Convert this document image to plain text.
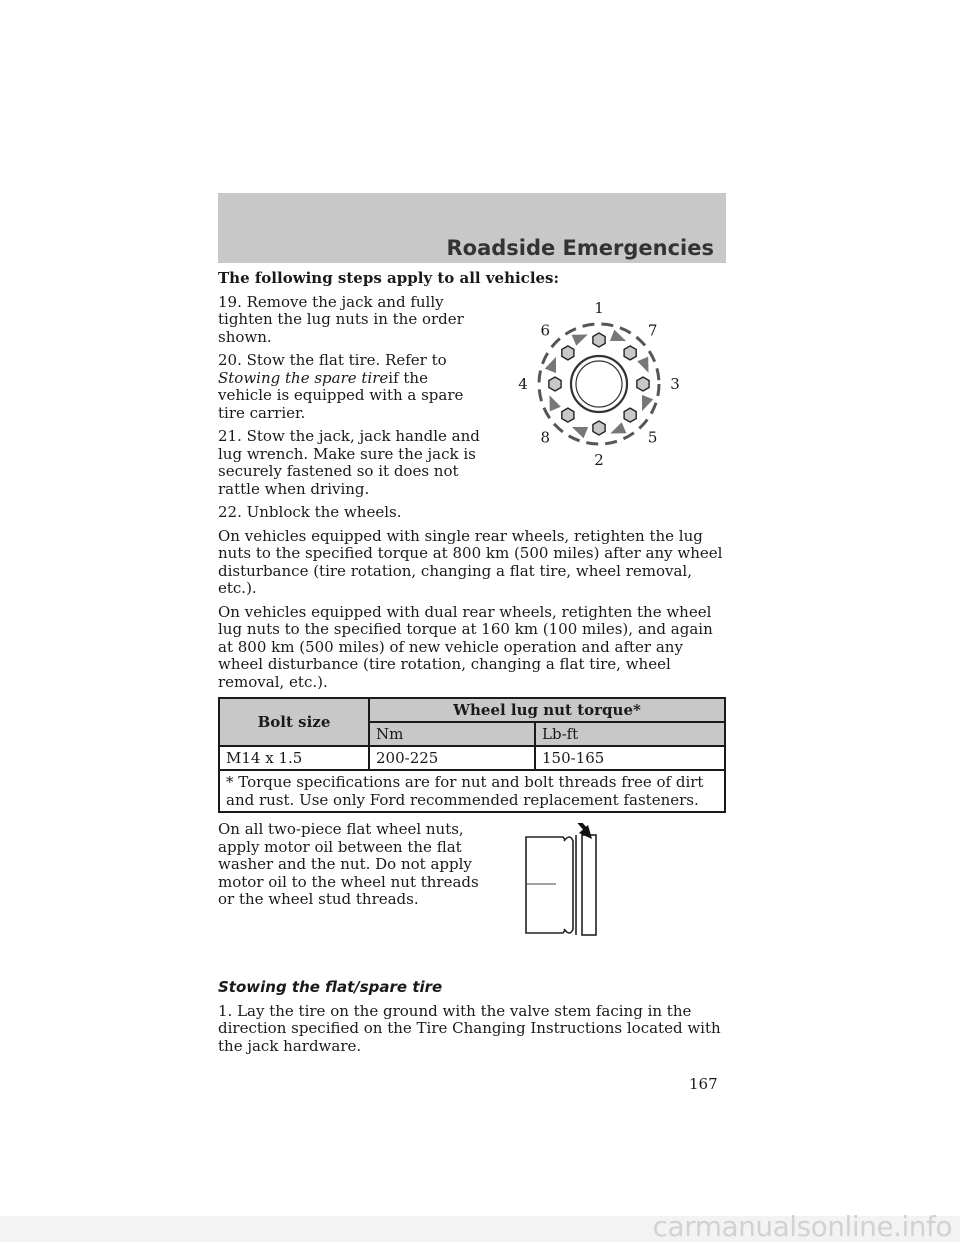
Roadside Emergencies

The following steps apply to all vehicles:

1
7
3
5
2
8
4
6

19. Remove the jack and fully tighten the lug nuts in the order shown.

20. Stow the flat tire. Refer to Stowing the spare tireif the vehicle is equipped with a spare tire carrier.

21. Stow the jack, jack handle and lug wrench. Make sure the jack is securely fastened so it does not rattle when driving.

22. Unblock the wheels.

On vehicles equipped with single rear wheels, retighten the lug nuts to the specified torque at 800 km (500 miles) after any wheel disturbance (tire rotation, changing a flat tire, wheel removal, etc.).

On vehicles equipped with dual rear wheels, retighten the wheel lug nuts to the specified torque at 160 km (100 miles), and again at 800 km (500 miles) of new vehicle operation and after any wheel disturbance (tire rotation, changing a flat tire, wheel removal, etc.).

Bolt size	Wheel lug nut torque*	
	Nm	Lb-ft
M14 x 1.5	200-225	150-165
* Torque specifications are for nut and bolt threads free of dirt and rust. Use only Ford recommended replacement fasteners.		

On all two-piece flat wheel nuts, apply motor oil between the flat washer and the nut. Do not apply motor oil to the wheel nut threads or the wheel stud threads.

Stowing the flat/spare tire

1. Lay the tire on the ground with the valve stem facing in the direction specified on the Tire Changing Instructions located with the jack hardware.

167
carmanualsonline.info
